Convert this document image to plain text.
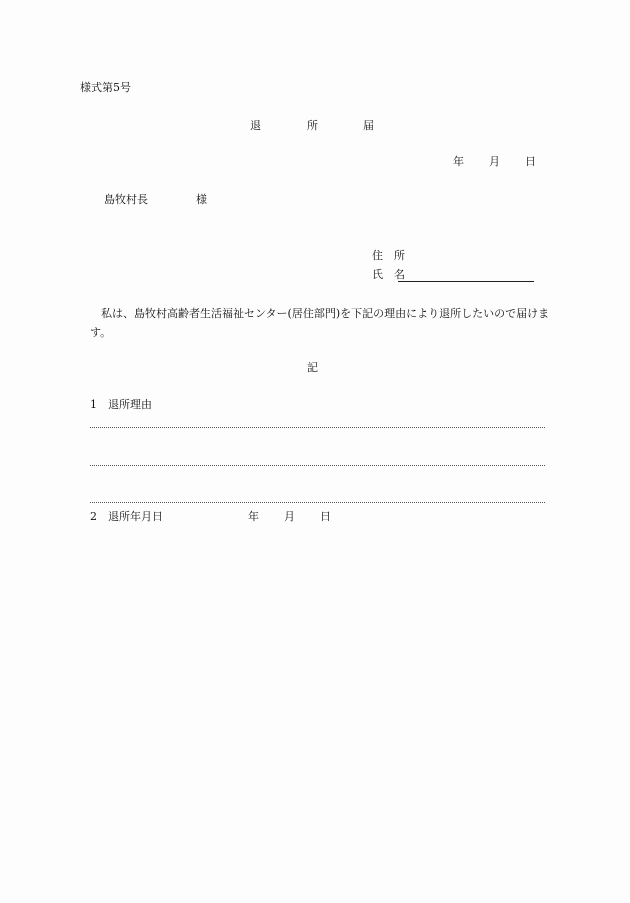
様式第5号
退	所	届
年 月 日
島牧村長	様
住　所
氏　名
私は、島牧村高齢者生活福祉センター(居住部門)を下記の理由により退所したいので届けます。
記
1　退所理由
2　退所年月日	年 月 日
